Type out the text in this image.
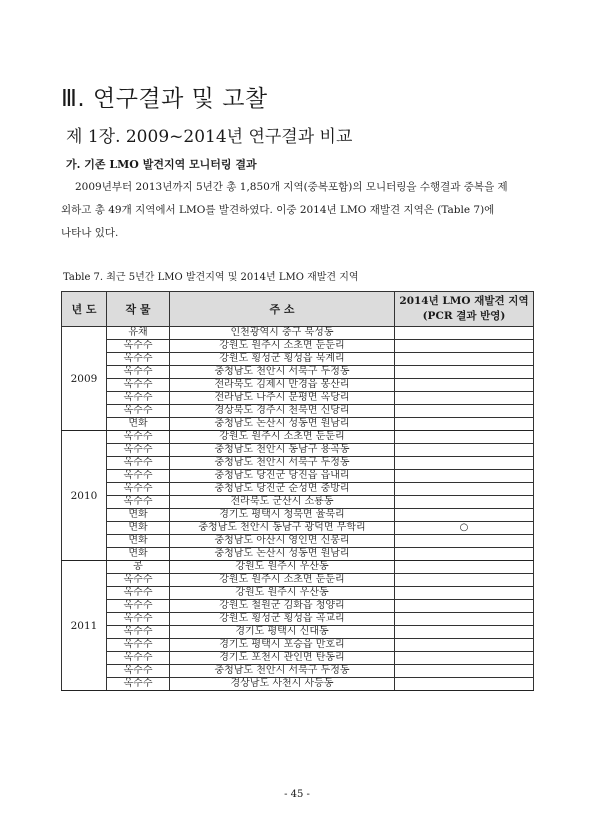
Ⅲ. 연구결과 및 고찰
제 1장. 2009~2014년 연구결과 비교
가. 기존 LMO 발견지역 모니터링 결과
2009년부터 2013년까지 5년간 총 1,850개 지역(중복포함)의 모니터링을 수행결과 중복을 제
외하고 총 49개 지역에서 LMO를 발견하였다. 이중 2014년 LMO 재발견 지역은 (Table 7)에
나타나 있다.
Table 7. 최근 5년간 LMO 발견지역 및 2014년 LMO 재발견 지역
년 도	작 물	주 소	2014년 LMO 재발견 지역
(PCR 결과 반영)

2009	유채	인천광역시 중구 북성동	
	옥수수	강원도 원주시 소초면 둔둔리	
	옥수수	강원도 횡성군 횡성읍 묵계리	
	옥수수	충청남도 천안시 서북구 두정동	
	옥수수	전라북도 김제시 만경읍 몽산리	
	옥수수	전라남도 나주시 문평면 옥당리	
	옥수수	경상북도 경주시 천북면 신당리	
	면화	충청남도 논산시 성동면 원남리	
2010	옥수수	강원도 원주시 소초면 둔둔리	
	옥수수	충청남도 천안시 동남구 용곡동	
	옥수수	충청남도 천안시 서북구 두정동	
	옥수수	충청남도 당진군 당진읍 읍내리	
	옥수수	충청남도 당진군 순성면 중방리	
	옥수수	전라북도 군산시 소룡동	
	면화	경기도 평택시 청북면 율북리	
	면화	충청남도 천안시 동남구 광덕면 무학리	○
	면화	충청남도 아산시 영인면 신봉리	
	면화	충청남도 논산시 성동면 원남리	
2011	콩	강원도 원주시 우산동	
	옥수수	강원도 원주시 소초면 둔둔리	
	옥수수	강원도 원주시 우산동	
	옥수수	강원도 철원군 김화읍 청양리	
	옥수수	강원도 횡성군 횡성읍 곡교리	
	옥수수	경기도 평택시 신대동	
	옥수수	경기도 평택시 포승읍 만호리	
	옥수수	경기도 포천시 관인면 탄동리	
	옥수수	충청남도 천안시 서북구 두정동	
	옥수수	경상남도 사천시 사등동	
- 45 -
